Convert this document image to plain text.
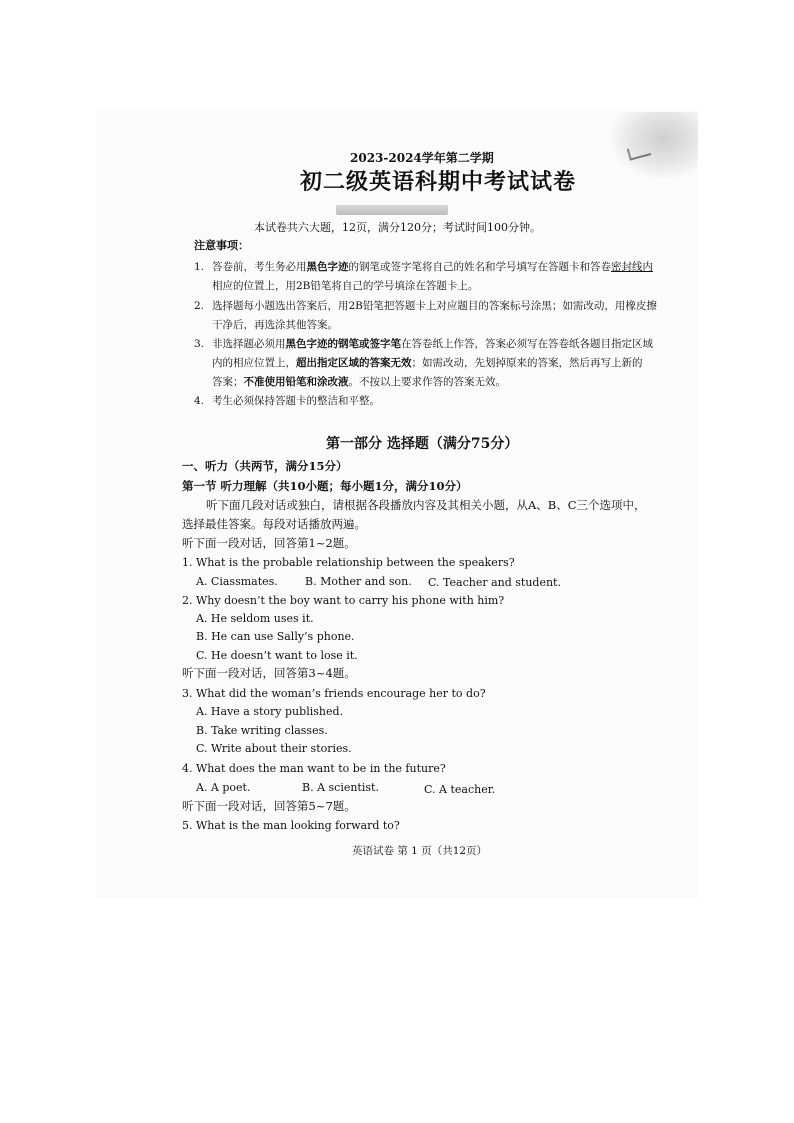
2023-2024学年第二学期
初二级英语科期中考试试卷
本试卷共六大题，12页，满分120分；考试时间100分钟。
注意事项：
1. 答卷前，考生务必用黑色字迹的钢笔或签字笔将自己的姓名和学号填写在答题卡和答卷密封线内
相应的位置上，用2B铅笔将自己的学号填涂在答题卡上。
2. 选择题每小题选出答案后，用2B铅笔把答题卡上对应题目的答案标号涂黑；如需改动，用橡皮擦
干净后，再选涂其他答案。
3. 非选择题必须用黑色字迹的钢笔或签字笔在答卷纸上作答，答案必须写在答卷纸各题目指定区域
内的相应位置上，超出指定区域的答案无效；如需改动，先划掉原来的答案，然后再写上新的
答案；不准使用铅笔和涂改液。不按以上要求作答的答案无效。
4. 考生必须保持答题卡的整洁和平整。
第一部分 选择题（满分75分）
一、听力（共两节，满分15分）
第一节 听力理解（共10小题；每小题1分，满分10分）
听下面几段对话或独白，请根据各段播放内容及其相关小题，从A、B、C三个选项中，
选择最佳答案。每段对话播放两遍。
听下面一段对话，回答第1~2题。
1. What is the probable relationship between the speakers?
A. Ciassmates. B. Mother and son. C. Teacher and student.
2. Why doesn’t the boy want to carry his phone with him?
A. He seldom uses it.
B. He can use Sally’s phone.
C. He doesn’t want to lose it.
听下面一段对话，回答第3~4题。
3. What did the woman’s friends encourage her to do?
A. Have a story published.
B. Take writing classes.
C. Write about their stories.
4. What does the man want to be in the future?
A. A poet.	B. A scientist.	C. A teacher.
听下面一段对话，回答第5~7题。
5. What is the man looking forward to?
英语试卷 第 1 页（共12页）
